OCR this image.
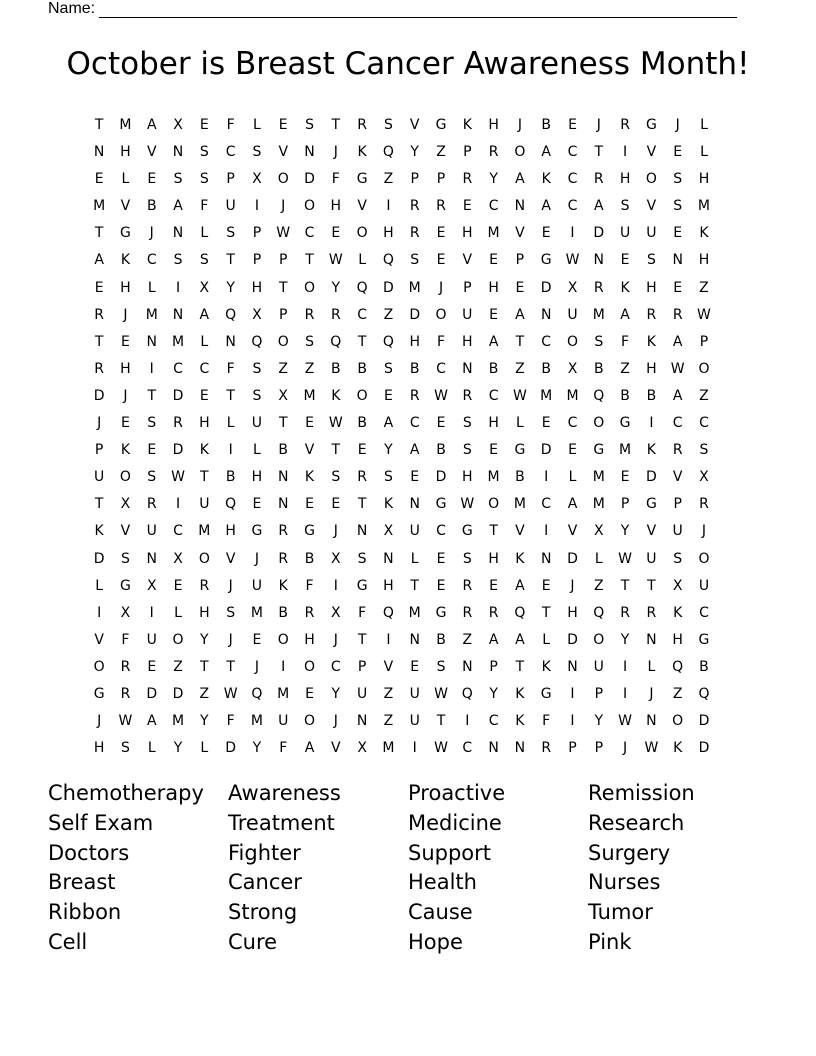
Name:
October is Breast Cancer Awareness Month!
T M A X E F L E S T R S V G K H J B E J R G J L
N H V N S C S V N J K Q Y Z P R O A C T I V E L
E L E S S P X O D F G Z P P R Y A K C R H O S H
M V B A F U I J O H V I R R E C N A C A S V S M
T G J N L S P W C E O H R E H M V E I D U U E K
A K C S S T P P T W L Q S E V E P G W N E S N H
E H L I X Y H T O Y Q D M J P H E D X R K H E Z
R J M N A Q X P R R C Z D O U E A N U M A R R W
T E N M L N Q O S Q T Q H F H A T C O S F K A P
R H I C C F S Z Z B B S B C N B Z B X B Z H W O
D J T D E T S X M K O E R W R C W M M Q B B A Z
J E S R H L U T E W B A C E S H L E C O G I C C
P K E D K I L B V T E Y A B S E G D E G M K R S
U O S W T B H N K S R S E D H M B I L M E D V X
T X R I U Q E N E E T K N G W O M C A M P G P R
K V U C M H G R G J N X U C G T V I V X Y V U J
D S N X O V J R B X S N L E S H K N D L W U S O
L G X E R J U K F I G H T E R E A E J Z T T X U
I X I L H S M B R X F Q M G R R Q T H Q R R K C
V F U O Y J E O H J T I N B Z A A L D O Y N H G
O R E Z T T J I O C P V E S N P T K N U I L Q B
G R D D Z W Q M E Y U Z U W Q Y K G I P I J Z Q
J W A M Y F M U O J N Z U T I C K F I Y W N O D
H S L Y L D Y F A V X M I W C N N R P P J W K D
Chemotherapy	Awareness	Proactive	Remission
Self Exam	Treatment	Medicine	Research
Doctors	Fighter	Support	Surgery
Breast	Cancer	Health	Nurses
Ribbon	Strong	Cause	Tumor
Cell	Cure	Hope	Pink
